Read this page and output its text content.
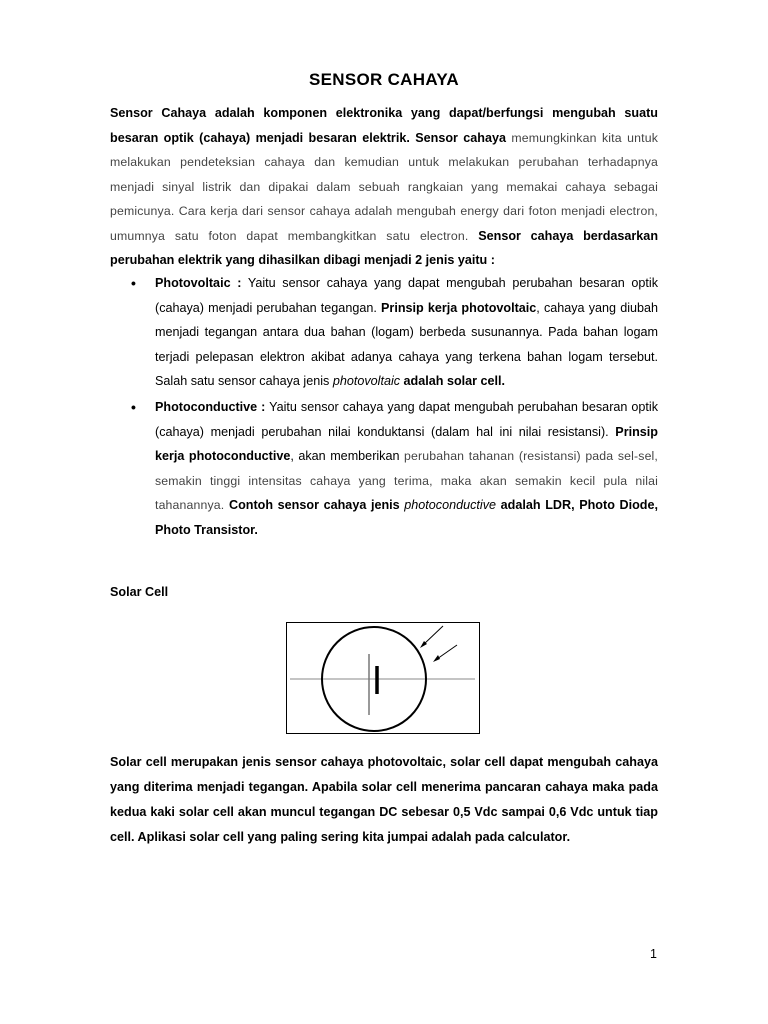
SENSOR CAHAYA
Sensor Cahaya adalah komponen elektronika yang dapat/berfungsi mengubah suatu besaran optik (cahaya) menjadi besaran elektrik. Sensor cahaya memungkinkan kita untuk melakukan pendeteksian cahaya dan kemudian untuk melakukan perubahan terhadapnya menjadi sinyal listrik dan dipakai dalam sebuah rangkaian yang memakai cahaya sebagai pemicunya. Cara kerja dari sensor cahaya adalah mengubah energy dari foton menjadi electron, umumnya satu foton dapat membangkitkan satu electron. Sensor cahaya berdasarkan perubahan elektrik yang dihasilkan dibagi menjadi 2 jenis yaitu :
• Photovoltaic : Yaitu sensor cahaya yang dapat mengubah perubahan besaran optik (cahaya) menjadi perubahan tegangan. Prinsip kerja photovoltaic, cahaya yang diubah menjadi tegangan antara dua bahan (logam) berbeda susunannya. Pada bahan logam terjadi pelepasan elektron akibat adanya cahaya yang terkena bahan logam tersebut. Salah satu sensor cahaya jenis photovoltaic adalah solar cell.
• Photoconductive : Yaitu sensor cahaya yang dapat mengubah perubahan besaran optik (cahaya) menjadi perubahan nilai konduktansi (dalam hal ini nilai resistansi). Prinsip kerja photoconductive, akan memberikan perubahan tahanan (resistansi) pada sel-sel, semakin tinggi intensitas cahaya yang terima, maka akan semakin kecil pula nilai tahanannya. Contoh sensor cahaya jenis photoconductive adalah LDR, Photo Diode, Photo Transistor.
Solar Cell
Solar cell merupakan jenis sensor cahaya photovoltaic, solar cell dapat mengubah cahaya yang diterima menjadi tegangan. Apabila solar cell menerima pancaran cahaya maka pada kedua kaki solar cell akan muncul tegangan DC sebesar 0,5 Vdc sampai 0,6 Vdc untuk tiap cell. Aplikasi solar cell yang paling sering kita jumpai adalah pada calculator.
1
